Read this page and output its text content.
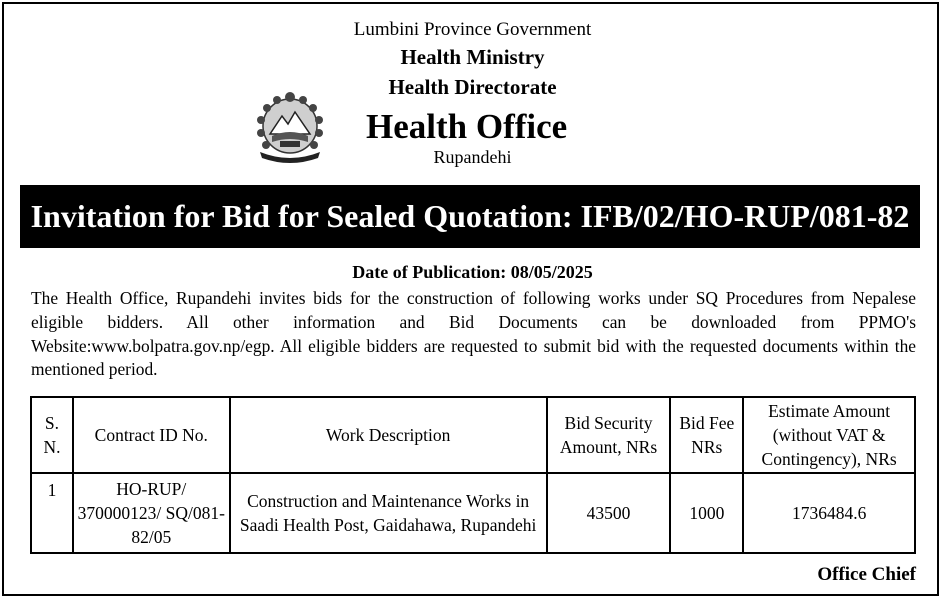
Lumbini Province Government
Health Ministry
Health Directorate
Health Office
Rupandehi
Invitation for Bid for Sealed Quotation: IFB/02/HO-RUP/081-82
Date of Publication: 08/05/2025
The Health Office, Rupandehi invites bids for the construction of following works under SQ Procedures from Nepalese eligible bidders. All other information and Bid Documents can be downloaded from PPMO's Website:www.bolpatra.gov.np/egp. All eligible bidders are requested to submit bid with the requested documents within the mentioned period.
S. N.	Contract ID No.	Work Description	Bid Security Amount, NRs	Bid Fee NRs	Estimate Amount (without VAT & Contingency), NRs
1	HO-RUP/ 370000123/ SQ/081-82/05	Construction and Maintenance Works in Saadi Health Post, Gaidahawa, Rupandehi	43500	1000	1736484.6
Office Chief
